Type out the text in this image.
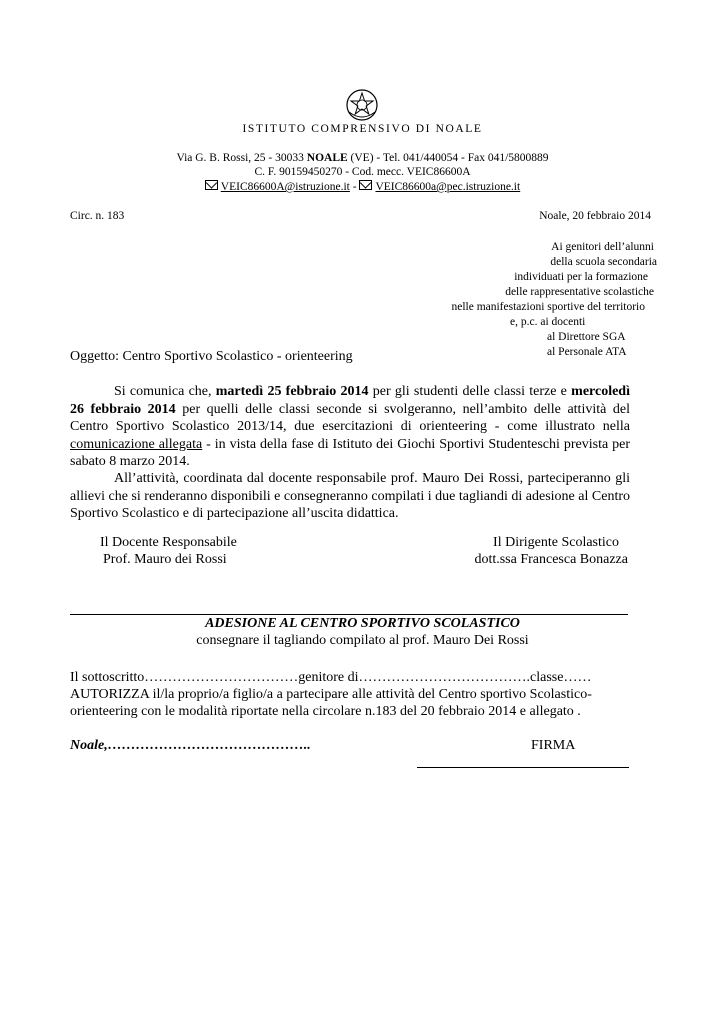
ISTITUTO COMPRENSIVO DI NOALE
Via G. B. Rossi, 25 - 30033 NOALE (VE) - Tel. 041/440054 - Fax 041/5800889
C. F. 90159450270 - Cod. mecc. VEIC86600A
VEIC86600A@istruzione.it - VEIC86600a@pec.istruzione.it
Circ. n. 183	Noale, 20 febbraio 2014
Ai genitori dell’alunni
della scuola secondaria
individuati per la formazione
delle rappresentative scolastiche
nelle manifestazioni sportive del territorio
e, p.c. ai docenti
al Direttore SGA
al Personale ATA
Oggetto: Centro Sportivo Scolastico - orienteering
Si comunica che, martedì 25 febbraio 2014 per gli studenti delle classi terze e mercoledì 26 febbraio 2014 per quelli delle classi seconde si svolgeranno, nell’ambito delle attività del Centro Sportivo Scolastico 2013/14, due esercitazioni di orienteering - come illustrato nella comunicazione allegata - in vista della fase di Istituto dei Giochi Sportivi Studenteschi prevista per sabato 8 marzo 2014.
All’attività, coordinata dal docente responsabile prof. Mauro Dei Rossi, parteciperanno gli allievi che si renderanno disponibili e consegneranno compilati i due tagliandi di adesione al Centro Sportivo Scolastico e di partecipazione all’uscita didattica.
Il Docente Responsabile
Prof. Mauro dei Rossi
Il Dirigente Scolastico
dott.ssa Francesca Bonazza
ADESIONE AL CENTRO SPORTIVO SCOLASTICO
consegnare il tagliando compilato al prof. Mauro Dei Rossi
Il sottoscritto……………………………genitore di……………………………….classe……
AUTORIZZA il/la proprio/a figlio/a a partecipare alle attività del Centro sportivo Scolastico-
orienteering con le modalità riportate nella circolare n.183 del 20 febbraio 2014 e allegato .
Noale,……………………………………..	FIRMA
